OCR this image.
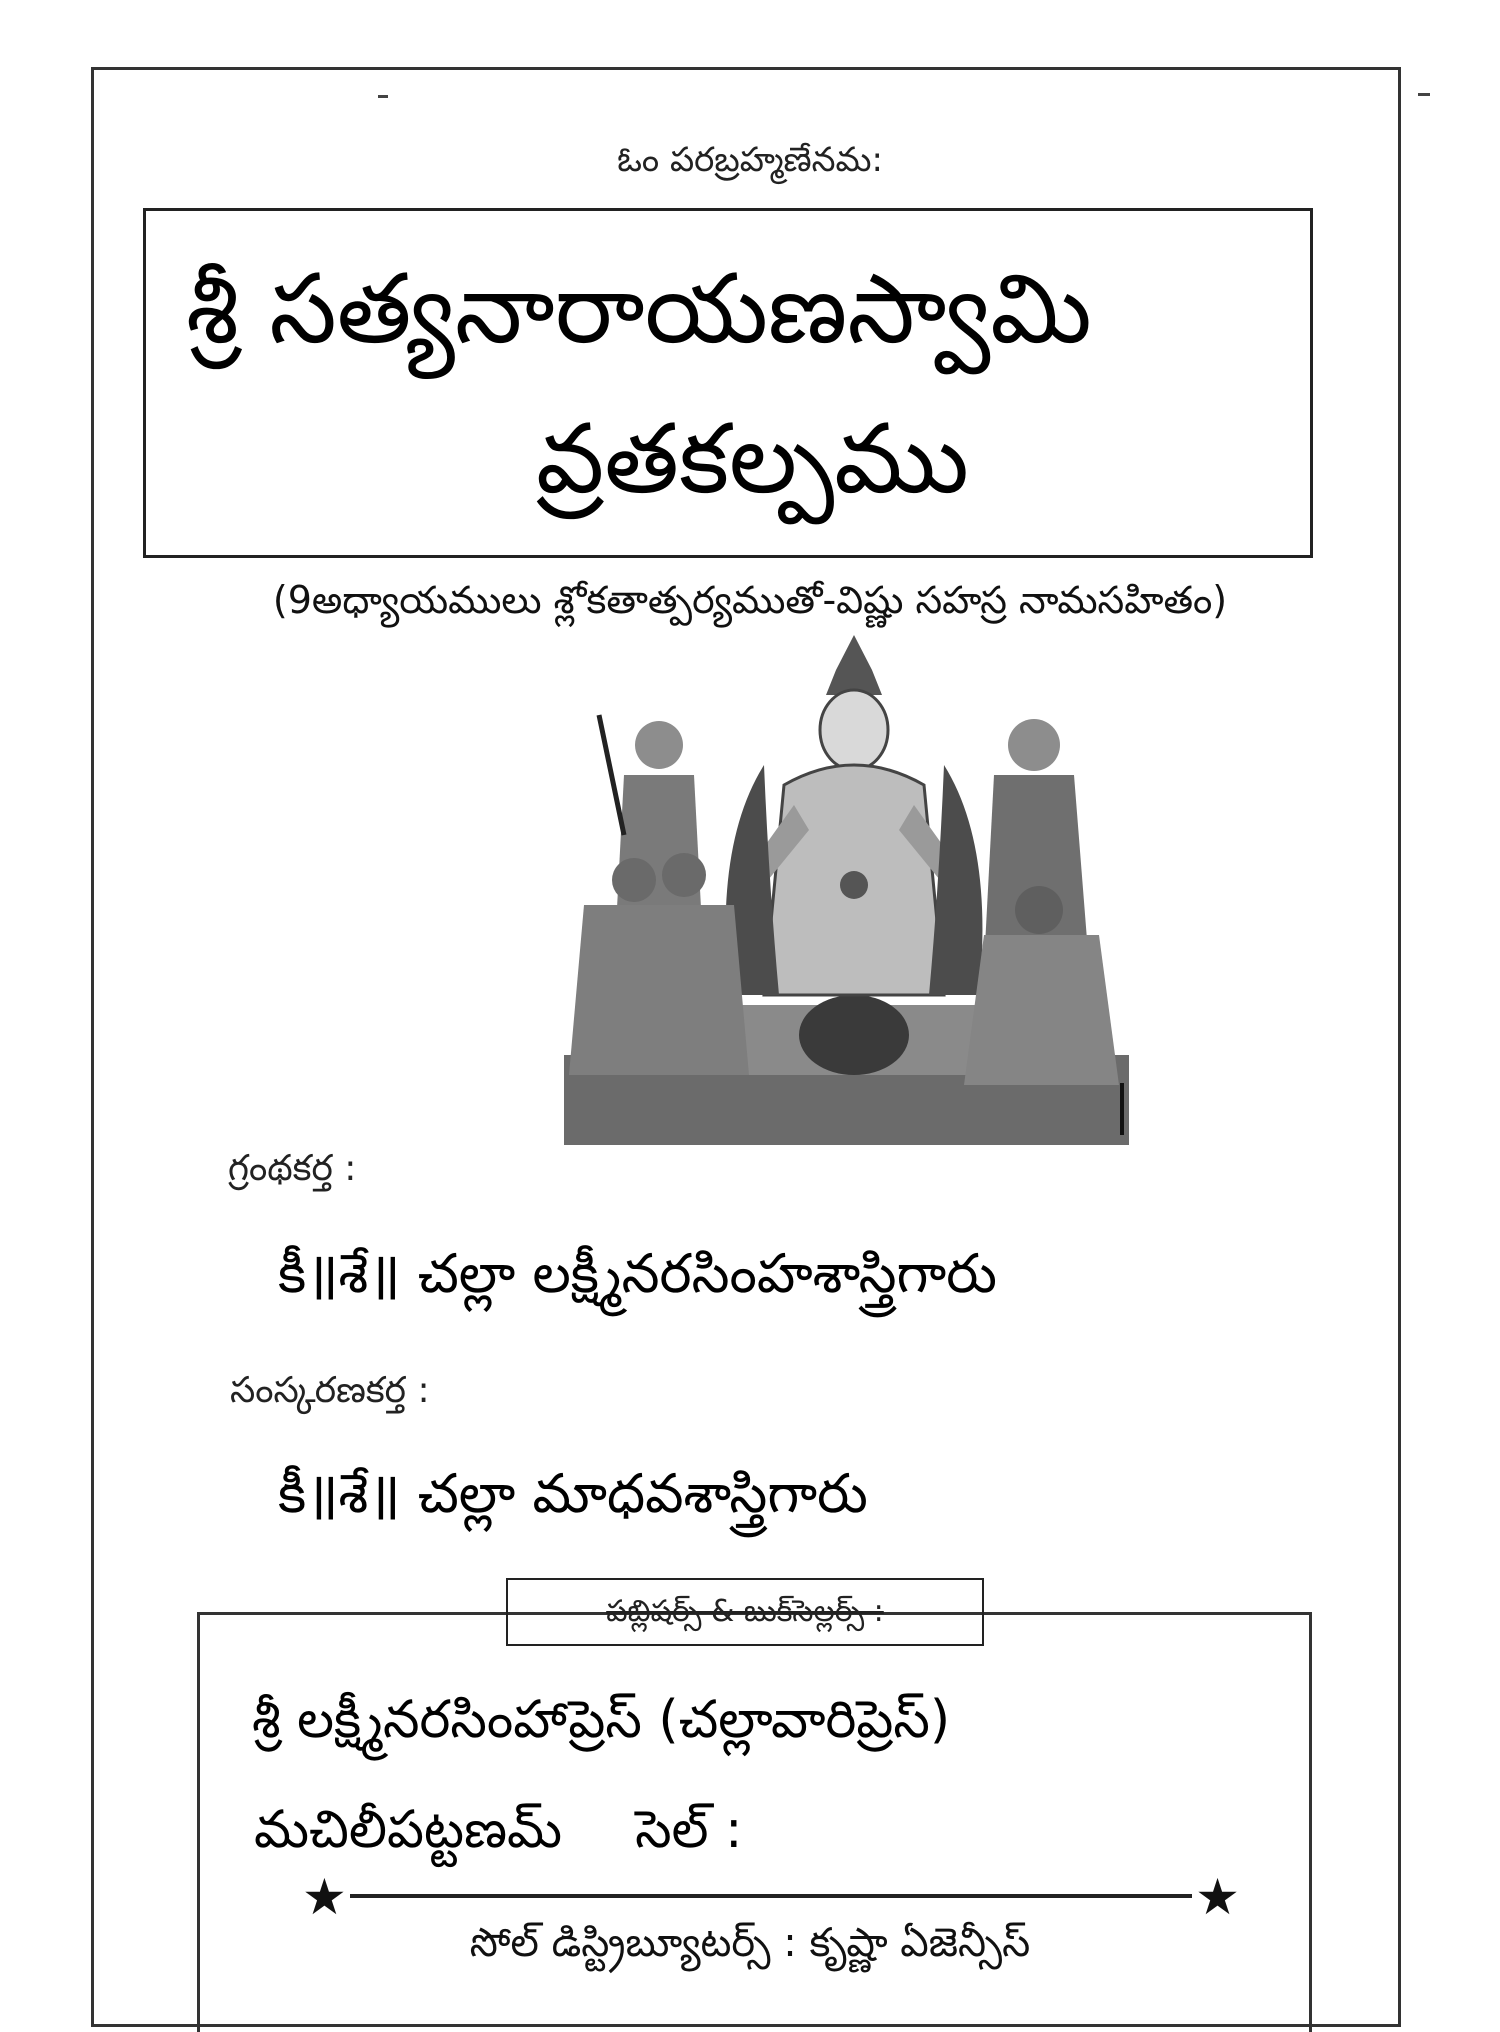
ఓం పరబ్రహ్మణేనమ:
శ్రీ సత్యనారాయణస్వామి
వ్రతకల్పము
(9అధ్యాయములు శ్లోకతాత్పర్యముతో-విష్ణు సహస్ర నామసహితం)
గ్రంథకర్త :
కీ॥శే॥ చల్లా లక్ష్మీనరసింహశాస్త్రిగారు
సంస్కరణకర్త :
కీ॥శే॥ చల్లా మాధవశాస్త్రిగారు
పబ్లిషర్స్ & బుక్‌సెల్లర్స్ :
శ్రీ లక్ష్మీనరసింహాప్రెస్ (చల్లావారిప్రెస్)
మచిలీపట్టణమ్ సెల్ :
★	★
సోల్ డిస్ట్రిబ్యూటర్స్ : కృష్ణా ఏజెన్సీస్
